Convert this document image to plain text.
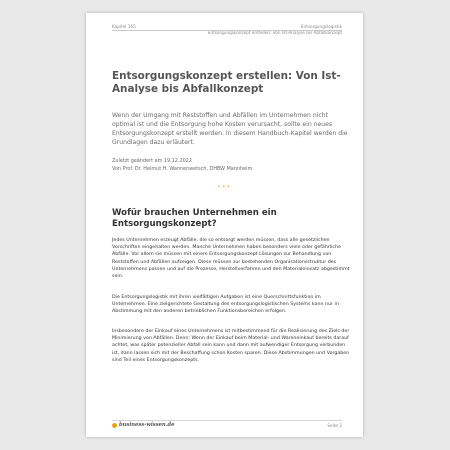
Kapitel 165	Entsorgungslogistik
Entsorgungskonzept erstellen: Von Ist-Analyse bis Abfallkonzept
Entsorgungskonzept erstellen: Von Ist-Analyse bis Abfallkonzept

Wenn der Umgang mit Reststoffen und Abfällen im Unternehmen nicht optimal ist und die Entsorgung hohe Kosten verursacht, sollte ein neues Entsorgungskonzept erstellt werden. In diesem Handbuch-Kapitel werden die Grundlagen dazu erläutert.

Zuletzt geändert am 19.12.2022
Von Prof. Dr. Helmut H. Wannenwetsch, DHBW Mannheim
•••
Wofür brauchen Unternehmen ein Entsorgungskonzept?

Jedes Unternehmen erzeugt Abfälle, die so entsorgt werden müssen, dass alle gesetzlichen Vorschriften eingehalten werden. Manche Unternehmen haben besonders viele oder gefährliche Abfälle. Vor allem sie müssen mit einem Entsorgungskonzept Lösungen zur Behandlung von Reststoffen und Abfällen aufzeigen. Diese müssen zur bestehenden Organisationsstruktur des Unternehmens passen und auf die Prozesse, Herstellverfahren und den Materialeinsatz abgestimmt sein.

Die Entsorgungslogistik mit ihren vielfältigen Aufgaben ist eine Querschnittsfunktion im Unternehmen. Eine zielgerichtete Gestaltung des entsorgungslogistischen Systems kann nur in Abstimmung mit den anderen betrieblichen Funktionsbereichen erfolgen.

Insbesondere der Einkauf eines Unternehmens ist mitbestimmend für die Realisierung des Ziels der Minimierung von Abfällen. Denn: Wenn der Einkauf beim Material- und Wareneinkauf bereits darauf achtet, was später potenzieller Abfall sein kann und dann mit aufwendiger Entsorgung verbunden ist, dann lassen sich mit der Beschaffung schon Kosten sparen. Diese Abstimmungen und Vorgaben sind Teil eines Entsorgungskonzepts.

business-wissen.de	Seite 2
